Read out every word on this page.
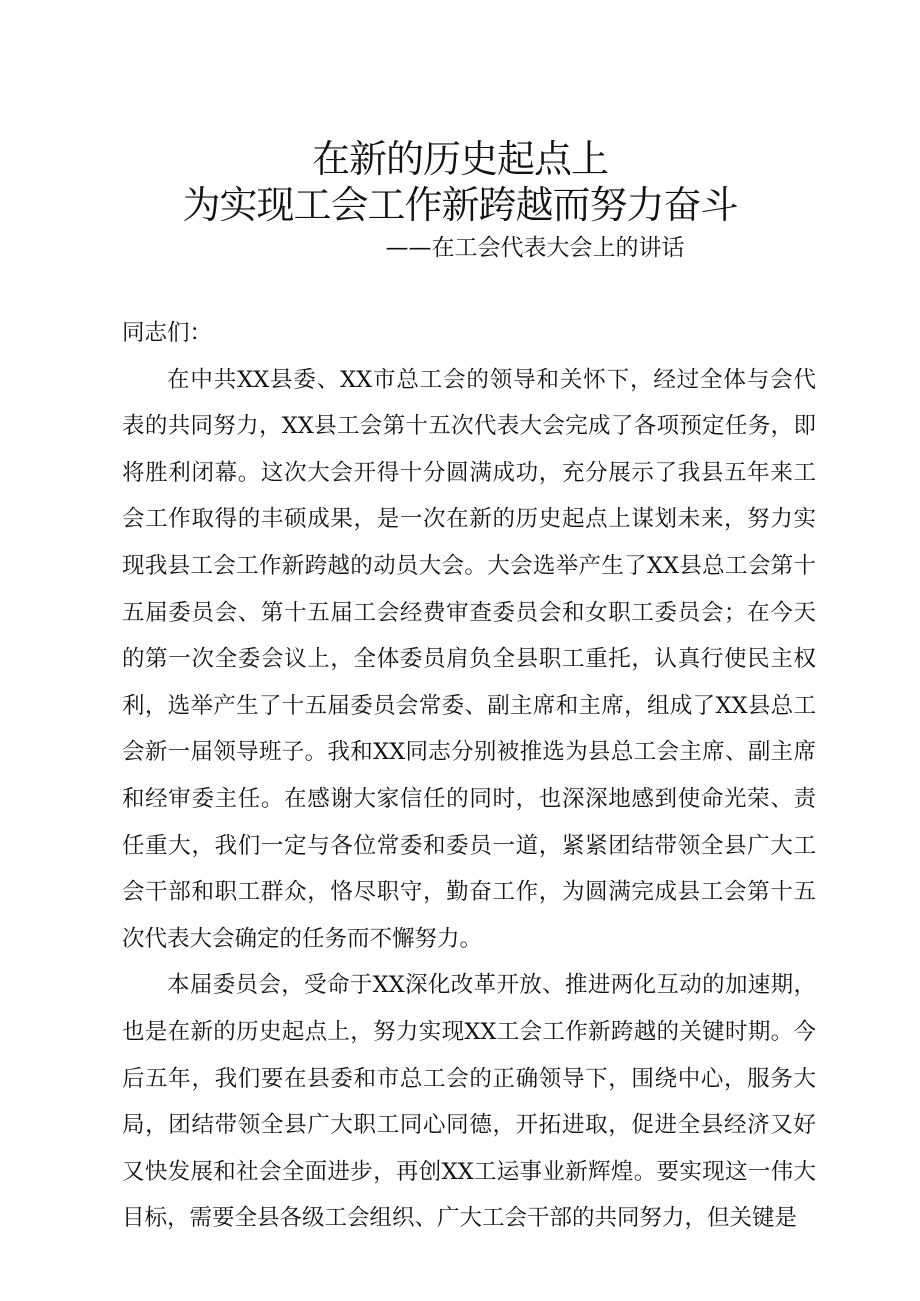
在新的历史起点上
为实现工会工作新跨越而努力奋斗

——在工会代表大会上的讲话

同志们：

在中共XX县委、XX市总工会的领导和关怀下，经过全体与会代表的共同努力，XX县工会第十五次代表大会完成了各项预定任务，即将胜利闭幕。这次大会开得十分圆满成功，充分展示了我县五年来工会工作取得的丰硕成果，是一次在新的历史起点上谋划未来，努力实现我县工会工作新跨越的动员大会。大会选举产生了XX县总工会第十五届委员会、第十五届工会经费审查委员会和女职工委员会；在今天的第一次全委会议上，全体委员肩负全县职工重托，认真行使民主权利，选举产生了十五届委员会常委、副主席和主席，组成了XX县总工会新一届领导班子。我和XX同志分别被推选为县总工会主席、副主席和经审委主任。在感谢大家信任的同时，也深深地感到使命光荣、责任重大，我们一定与各位常委和委员一道，紧紧团结带领全县广大工会干部和职工群众，恪尽职守，勤奋工作，为圆满完成县工会第十五次代表大会确定的任务而不懈努力。

本届委员会，受命于XX深化改革开放、推进两化互动的加速期，也是在新的历史起点上，努力实现XX工会工作新跨越的关键时期。今后五年，我们要在县委和市总工会的正确领导下，围绕中心，服务大局，团结带领全县广大职工同心同德，开拓进取，促进全县经济又好又快发展和社会全面进步，再创XX工运事业新辉煌。要实现这一伟大目标，需要全县各级工会组织、广大工会干部的共同努力，但关键是
